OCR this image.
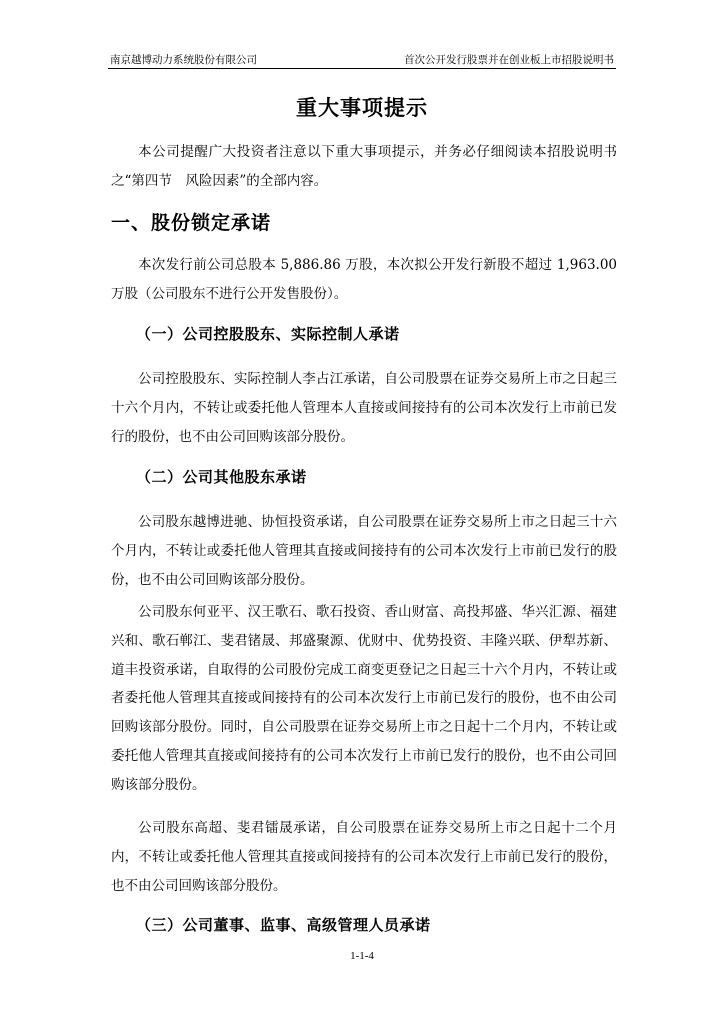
南京越博动力系统股份有限公司	首次公开发行股票并在创业板上市招股说明书
重大事项提示
本公司提醒广大投资者注意以下重大事项提示，并务必仔细阅读本招股说明书之“第四节　风险因素”的全部内容。
一、股份锁定承诺
本次发行前公司总股本 5,886.86 万股，本次拟公开发行新股不超过 1,963.00 万股（公司股东不进行公开发售股份）。
（一）公司控股股东、实际控制人承诺
公司控股股东、实际控制人李占江承诺，自公司股票在证券交易所上市之日起三十六个月内，不转让或委托他人管理本人直接或间接持有的公司本次发行上市前已发行的股份，也不由公司回购该部分股份。
（二）公司其他股东承诺
公司股东越博进驰、协恒投资承诺，自公司股票在证券交易所上市之日起三十六个月内，不转让或委托他人管理其直接或间接持有的公司本次发行上市前已发行的股份，也不由公司回购该部分股份。
公司股东何亚平、汉王歌石、歌石投资、香山财富、高投邦盛、华兴汇源、福建兴和、歌石郸江、斐君锗晟、邦盛聚源、优财中、优势投资、丰隆兴联、伊犁苏新、道丰投资承诺，自取得的公司股份完成工商变更登记之日起三十六个月内，不转让或者委托他人管理其直接或间接持有的公司本次发行上市前已发行的股份，也不由公司回购该部分股份。同时，自公司股票在证券交易所上市之日起十二个月内，不转让或委托他人管理其直接或间接持有的公司本次发行上市前已发行的股份，也不由公司回购该部分股份。
公司股东高超、斐君镭晟承诺，自公司股票在证券交易所上市之日起十二个月内，不转让或委托他人管理其直接或间接持有的公司本次发行上市前已发行的股份，也不由公司回购该部分股份。
（三）公司董事、监事、高级管理人员承诺
1-1-4
